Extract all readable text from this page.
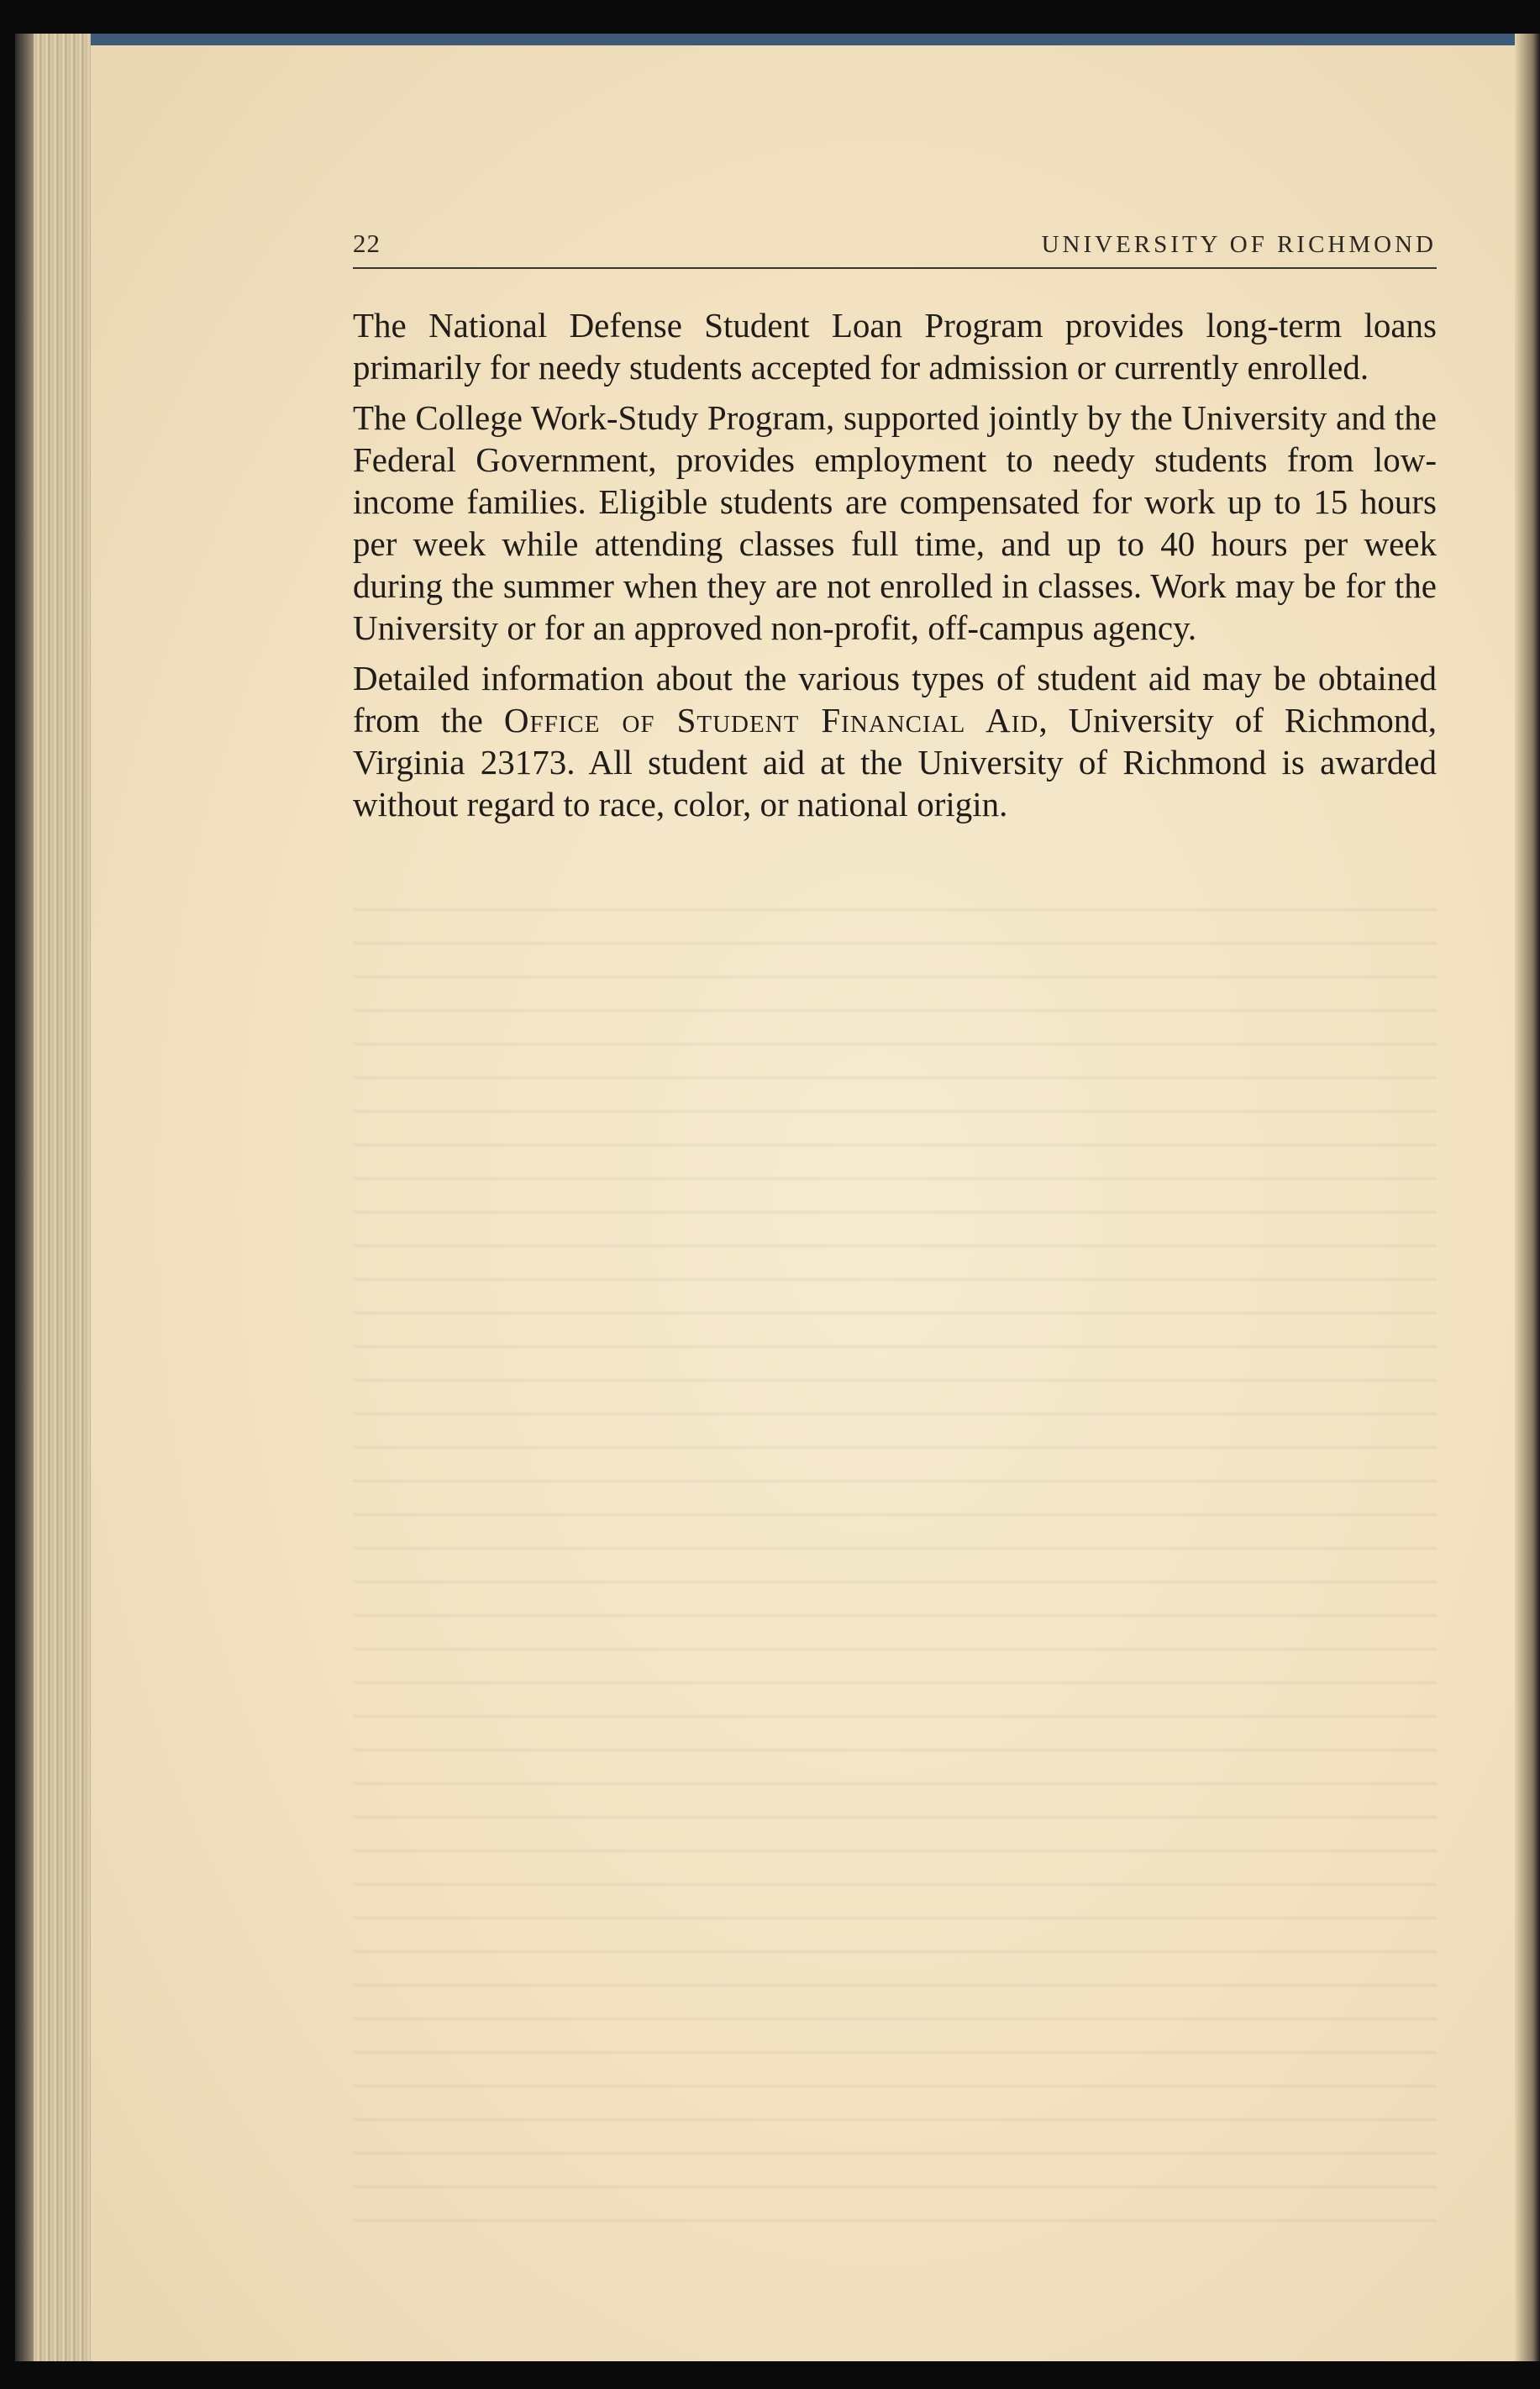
22	UNIVERSITY OF RICHMOND

The National Defense Student Loan Program provides long-term loans primarily for needy students accepted for admission or currently enrolled.

The College Work-Study Program, supported jointly by the University and the Federal Government, provides employment to needy students from low-income families. Eligible students are compensated for work up to 15 hours per week while attending classes full time, and up to 40 hours per week during the summer when they are not enrolled in classes. Work may be for the University or for an approved non-profit, off-campus agency.

Detailed information about the various types of student aid may be obtained from the Office of Student Financial Aid, University of Richmond, Virginia 23173. All student aid at the University of Richmond is awarded without regard to race, color, or national origin.
